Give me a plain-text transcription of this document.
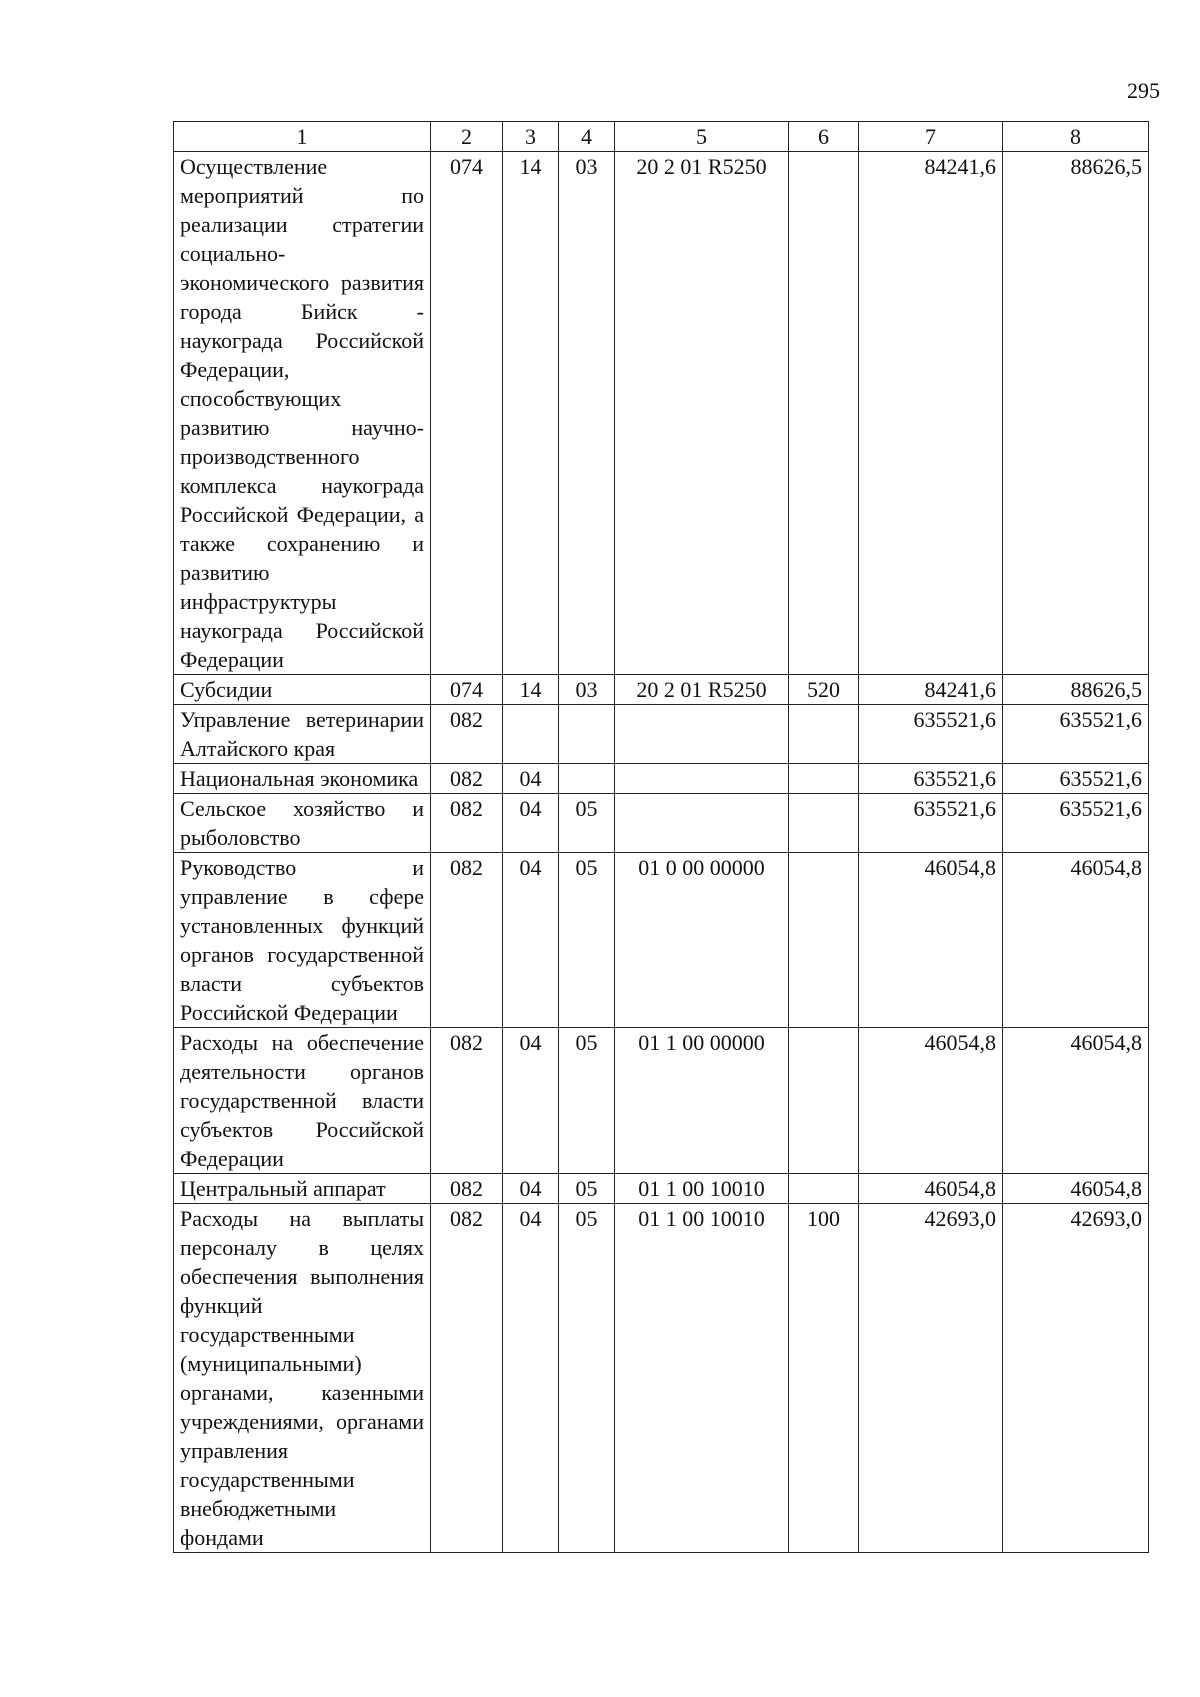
295
1	2	3	4	5	6	7	8
Осуществление мероприятий по реализации стратегии социально-экономического развития города Бийск - наукограда Российской Федерации, способствующих развитию научно-производственного комплекса наукограда Российской Федерации, а также сохранению и развитию инфраструктуры наукограда Российской Федерации	074	14	03	20 2 01 R5250		84241,6	88626,5
Субсидии	074	14	03	20 2 01 R5250	520	84241,6	88626,5
Управление ветеринарии Алтайского края	082					635521,6	635521,6
Национальная экономика	082	04				635521,6	635521,6
Сельское хозяйство и рыболовство	082	04	05			635521,6	635521,6
Руководство и управление в сфере установленных функций органов государственной власти субъектов Российской Федерации	082	04	05	01 0 00 00000		46054,8	46054,8
Расходы на обеспечение деятельности органов государственной власти субъектов Российской Федерации	082	04	05	01 1 00 00000		46054,8	46054,8
Центральный аппарат	082	04	05	01 1 00 10010		46054,8	46054,8
Расходы на выплаты персоналу в целях обеспечения выполнения функций государственными (муниципальными) органами, казенными учреждениями, органами управления государственными внебюджетными фондами	082	04	05	01 1 00 10010	100	42693,0	42693,0
